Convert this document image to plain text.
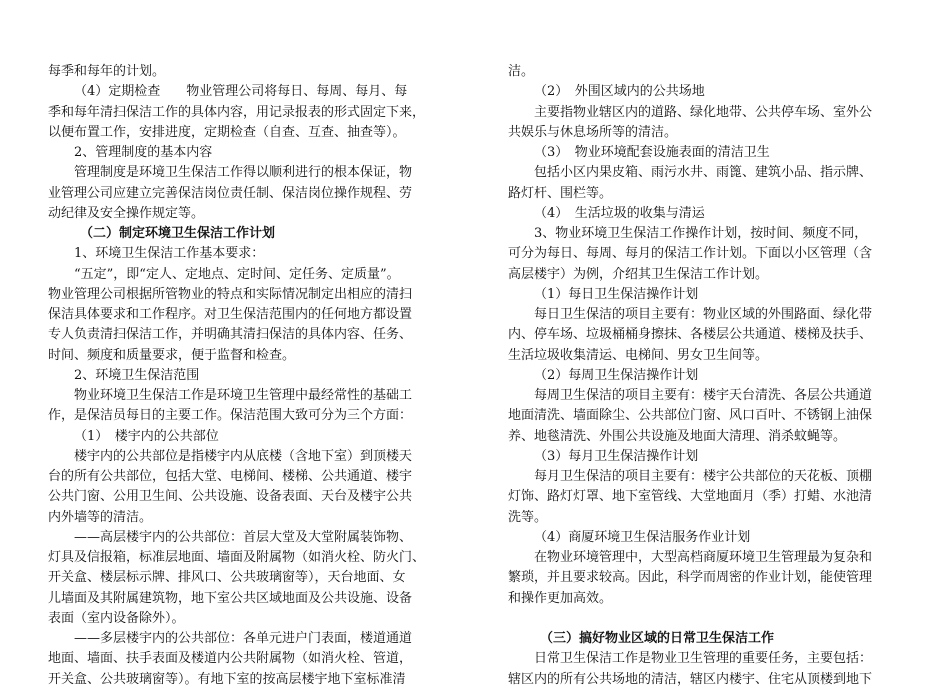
每季和每年的计划。
（4）定期检查　　物业管理公司将每日、每周、每月、每
季和每年清扫保洁工作的具体内容，用记录报表的形式固定下来，
以便布置工作，安排进度，定期检查（自查、互查、抽查等）。
2、管理制度的基本内容
管理制度是环境卫生保洁工作得以顺利进行的根本保证，物
业管理公司应建立完善保洁岗位责任制、保洁岗位操作规程、劳
动纪律及安全操作规定等。
（二）制定环境卫生保洁工作计划
1、环境卫生保洁工作基本要求：
“五定”，即“定人、定地点、定时间、定任务、定质量”。
物业管理公司根据所管物业的特点和实际情况制定出相应的清扫
保洁具体要求和工作程序。对卫生保洁范围内的任何地方都设置
专人负责清扫保洁工作，并明确其清扫保洁的具体内容、任务、
时间、频度和质量要求，便于监督和检查。
2、环境卫生保洁范围
物业环境卫生保洁工作是环境卫生管理中最经常性的基础工
作，是保洁员每日的主要工作。保洁范围大致可分为三个方面：
（1）　楼宇内的公共部位
楼宇内的公共部位是指楼宇内从底楼（含地下室）到顶楼天
台的所有公共部位，包括大堂、电梯间、楼梯、公共通道、楼宇
公共门窗、公用卫生间、公共设施、设备表面、天台及楼宇公共
内外墙等的清洁。
——高层楼宇内的公共部位：首层大堂及大堂附属装饰物、
灯具及信报箱，标准层地面、墙面及附属物（如消火栓、防火门、
开关盒、楼层标示牌、排风口、公共玻璃窗等），天台地面、女
儿墙面及其附属建筑物，地下室公共区域地面及公共设施、设备
表面（室内设备除外）。
——多层楼宇内的公共部位：各单元进户门表面，楼道通道
地面、墙面、扶手表面及楼道内公共附属物（如消火栓、管道，
开关盒、公共玻璃窗等）。有地下室的按高层楼宇地下室标准清
洁。
（2）　外围区域内的公共场地
主要指物业辖区内的道路、绿化地带、公共停车场、室外公
共娱乐与休息场所等的清洁。
（3）　物业环境配套设施表面的清洁卫生
包括小区内果皮箱、雨污水井、雨篦、建筑小品、指示牌、
路灯杆、围栏等。
（4）　生活垃圾的收集与清运
3、物业环境卫生保洁工作操作计划，按时间、频度不同，
可分为每日、每周、每月的保洁工作计划。下面以小区管理（含
高层楼宇）为例，介绍其卫生保洁工作计划。
（1）每日卫生保洁操作计划
每日卫生保洁的项目主要有：物业区域的外围路面、绿化带
内、停车场、垃圾桶桶身擦抹、各楼层公共通道、楼梯及扶手、
生活垃圾收集清运、电梯间、男女卫生间等。
（2）每周卫生保洁操作计划
每周卫生保洁的项目主要有：楼宇天台清洗、各层公共通道
地面清洗、墙面除尘、公共部位门窗、风口百叶、不锈钢上油保
养、地毯清洗、外围公共设施及地面大清理、消杀蚊蝇等。
（3）每月卫生保洁操作计划
每月卫生保洁的项目主要有：楼宇公共部位的天花板、顶棚
灯饰、路灯灯罩、地下室管线、大堂地面月（季）打蜡、水池清
洗等。
（4）商厦环境卫生保洁服务作业计划
在物业环境管理中，大型高档商厦环境卫生管理最为复杂和
繁琐，并且要求较高。因此，科学而周密的作业计划，能使管理
和操作更加高效。
（三）搞好物业区域的日常卫生保洁工作
日常卫生保洁工作是物业卫生管理的重要任务，主要包括：
辖区内的所有公共场地的清洁，辖区内楼宇、住宅从顶楼到地下
